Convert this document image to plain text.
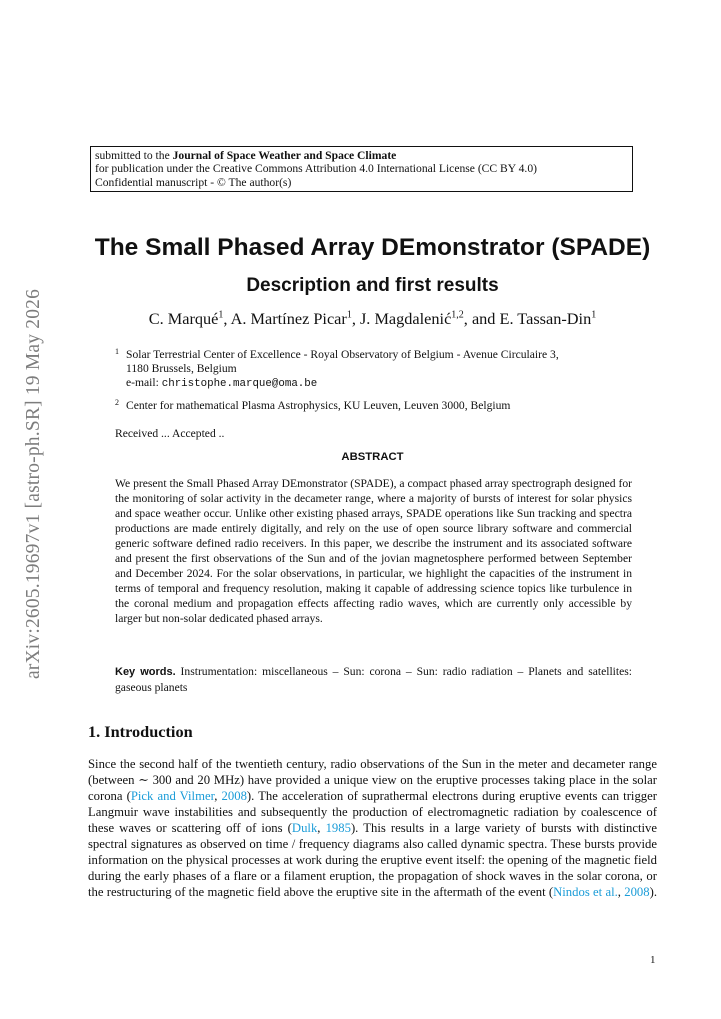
arXiv:2605.19697v1 [astro-ph.SR] 19 May 2026
submitted to the Journal of Space Weather and Space Climate
for publication under the Creative Commons Attribution 4.0 International License (CC BY 4.0)
Confidential manuscript - © The author(s)
The Small Phased Array DEmonstrator (SPADE)
Description and first results
C. Marqué$^1$, A. Martínez Picar$^1$, J. Magdalenić$^{1,2}$, and E. Tassan-Din$^1$
1 Solar Terrestrial Center of Excellence - Royal Observatory of Belgium - Avenue Circulaire 3,
1180 Brussels, Belgium
e-mail: christophe.marque@oma.be
2 Center for mathematical Plasma Astrophysics, KU Leuven, Leuven 3000, Belgium
Received ... Accepted ..
ABSTRACT
We present the Small Phased Array DEmonstrator (SPADE), a compact phased array spectrograph designed for the monitoring of solar activity in the decameter range, where a majority of bursts of interest for solar physics and space weather occur. Unlike other existing phased arrays, SPADE operations like Sun tracking and spectra productions are made entirely digitally, and rely on the use of open source library software and commercial generic software defined radio receivers. In this paper, we describe the instrument and its associated software and present the first observations of the Sun and of the jovian magnetosphere performed between September and December 2024. For the solar observations, in particular, we highlight the capacities of the instrument in terms of temporal and frequency resolution, making it capable of addressing science topics like turbulence in the coronal medium and propagation effects affecting radio waves, which are currently only accessible by larger but non-solar dedicated phased arrays.
Key words. Instrumentation: miscellaneous – Sun: corona – Sun: radio radiation – Planets and satellites: gaseous planets
1. Introduction
Since the second half of the twentieth century, radio observations of the Sun in the meter and decameter range (between ∼ 300 and 20 MHz) have provided a unique view on the eruptive processes taking place in the solar corona (Pick and Vilmer, 2008). The acceleration of suprathermal electrons during eruptive events can trigger Langmuir wave instabilities and subsequently the production of electromagnetic radiation by coalescence of these waves or scattering off of ions (Dulk, 1985). This results in a large variety of bursts with distinctive spectral signatures as observed on time / frequency diagrams also called dynamic spectra. These bursts provide information on the physical processes at work during the eruptive event itself: the opening of the magnetic field during the early phases of a flare or a filament eruption, the propagation of shock waves in the solar corona, or the restructuring of the magnetic field above the eruptive site in the aftermath of the event (Nindos et al., 2008).
1
